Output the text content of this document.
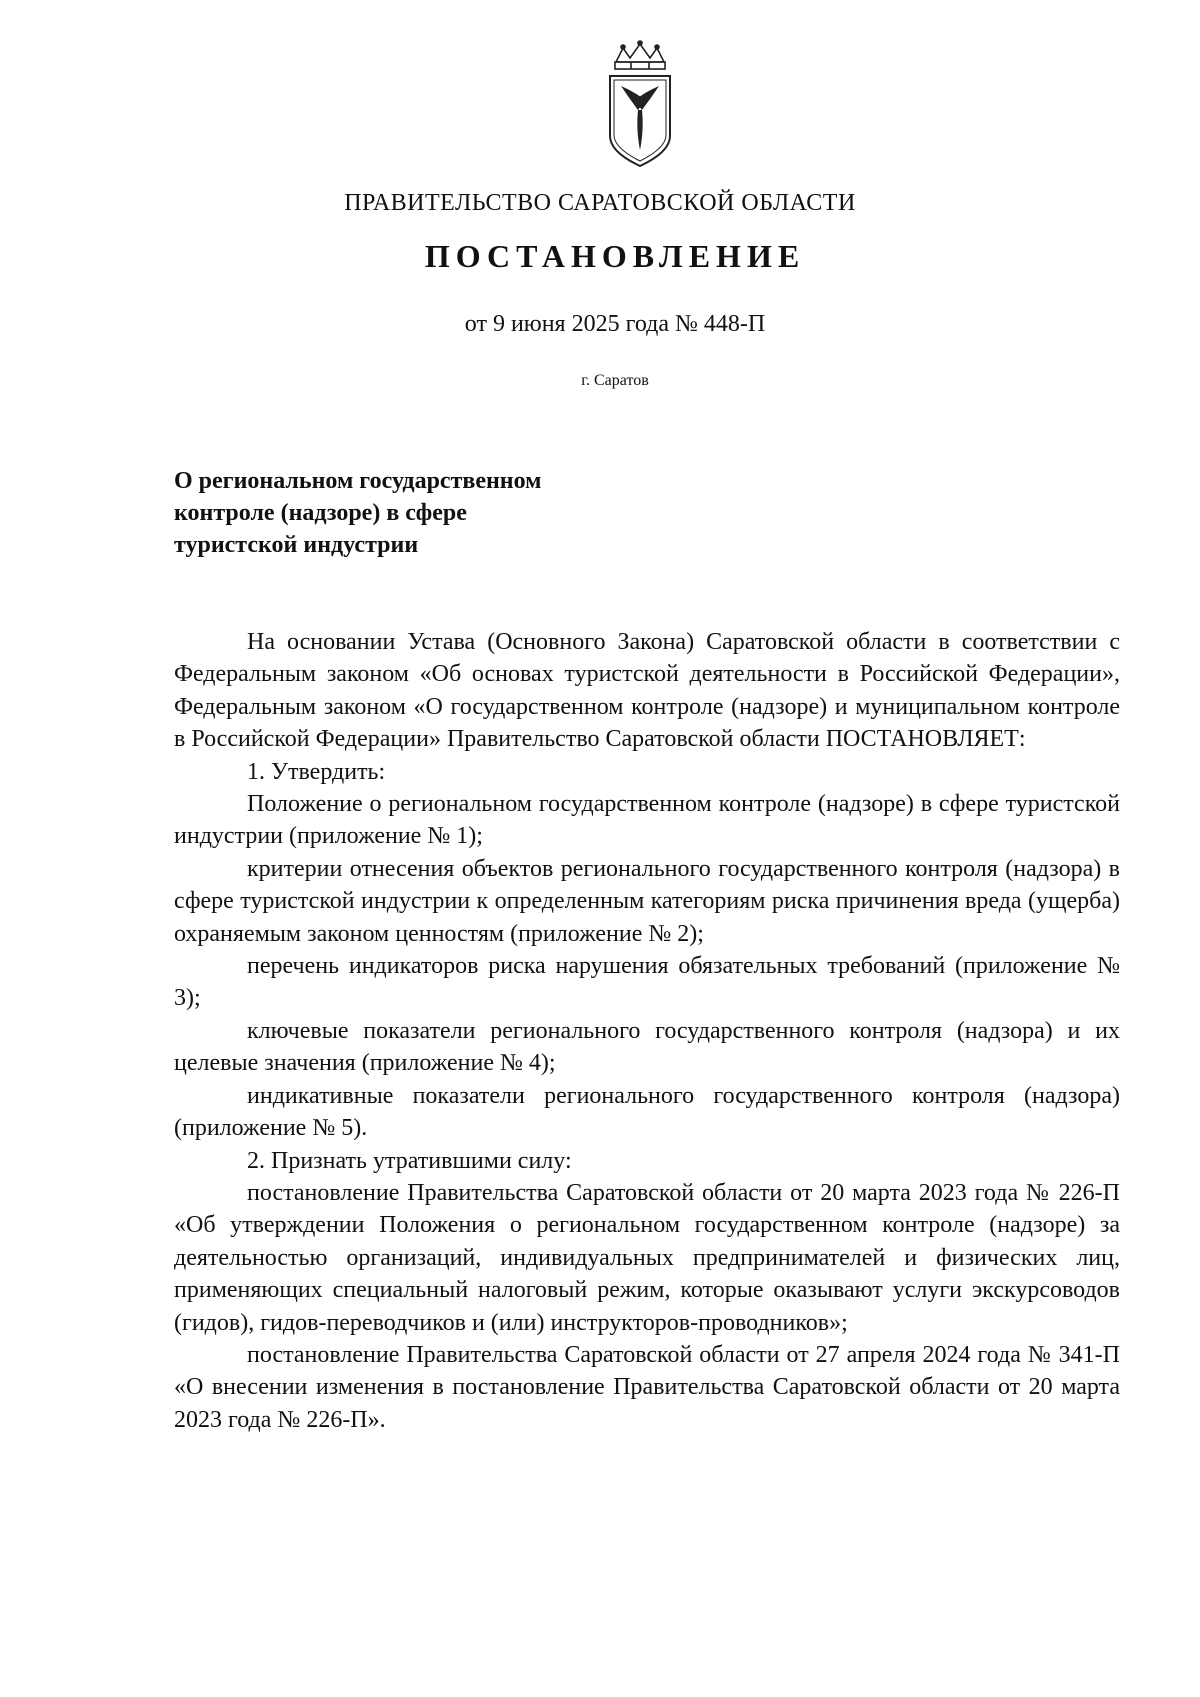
ПРАВИТЕЛЬСТВО САРАТОВСКОЙ ОБЛАСТИ
ПОСТАНОВЛЕНИЕ
от 9 июня 2025 года № 448-П
г. Саратов
О региональном государственном
контроле (надзоре) в сфере
туристской индустрии

На основании Устава (Основного Закона) Саратовской области в соответствии с Федеральным законом «Об основах туристской деятельности в Российской Федерации», Федеральным законом «О государственном контроле (надзоре) и муниципальном контроле в Российской Федерации» Правительство Саратовской области ПОСТАНОВЛЯЕТ:

1. Утвердить:

Положение о региональном государственном контроле (надзоре) в сфере туристской индустрии (приложение № 1);

критерии отнесения объектов регионального государственного контроля (надзора) в сфере туристской индустрии к определенным категориям риска причинения вреда (ущерба) охраняемым законом ценностям (приложение № 2);

перечень индикаторов риска нарушения обязательных требований (приложение № 3);

ключевые показатели регионального государственного контроля (надзора) и их целевые значения (приложение № 4);

индикативные показатели регионального государственного контроля (надзора) (приложение № 5).

2. Признать утратившими силу:

постановление Правительства Саратовской области от 20 марта 2023 года № 226-П «Об утверждении Положения о региональном государственном контроле (надзоре) за деятельностью организаций, индивидуальных предпринимателей и физических лиц, применяющих специальный налоговый режим, которые оказывают услуги экскурсоводов (гидов), гидов-переводчиков и (или) инструкторов-проводников»;

постановление Правительства Саратовской области от 27 апреля 2024 года № 341-П «О внесении изменения в постановление Правительства Саратовской области от 20 марта 2023 года № 226-П».
